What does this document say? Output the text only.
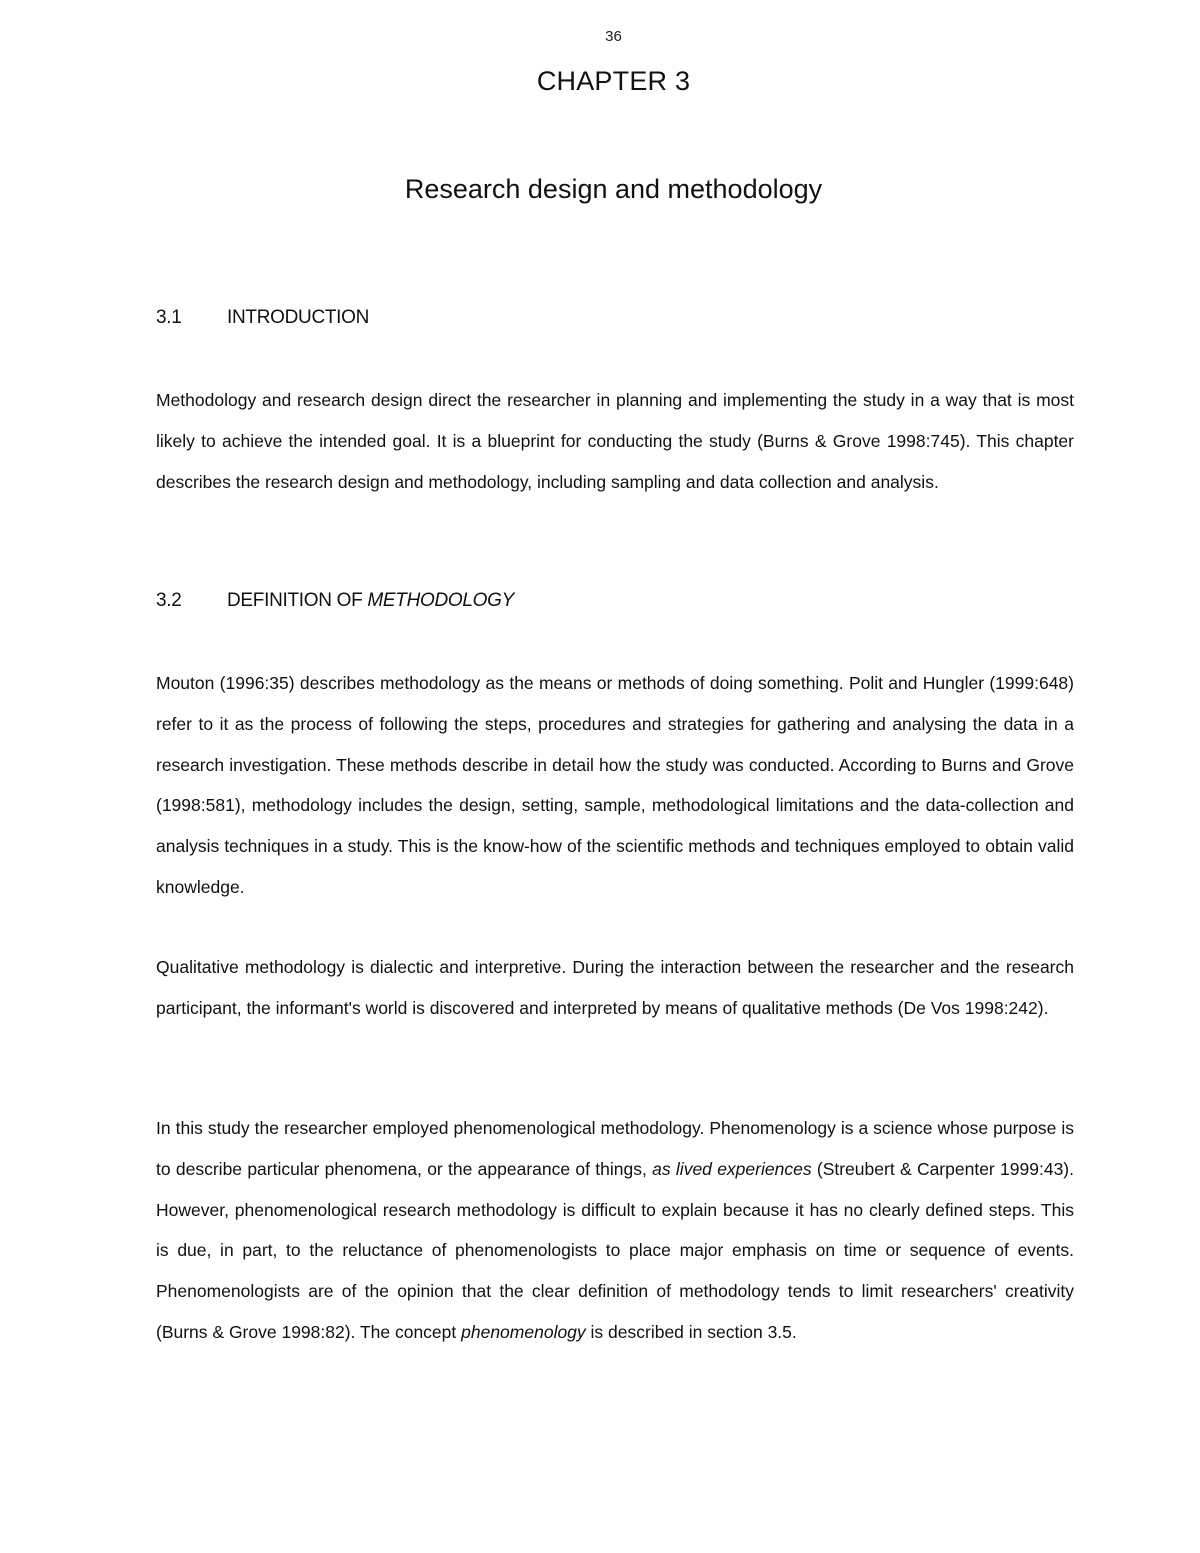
36
CHAPTER 3
Research design and methodology
3.1 INTRODUCTION
Methodology and research design direct the researcher in planning and implementing the study in a way that is most likely to achieve the intended goal. It is a blueprint for conducting the study (Burns & Grove 1998:745). This chapter describes the research design and methodology, including sampling and data collection and analysis.
3.2 DEFINITION OF METHODOLOGY
Mouton (1996:35) describes methodology as the means or methods of doing something. Polit and Hungler (1999:648) refer to it as the process of following the steps, procedures and strategies for gathering and analysing the data in a research investigation. These methods describe in detail how the study was conducted. According to Burns and Grove (1998:581), methodology includes the design, setting, sample, methodological limitations and the data-collection and analysis techniques in a study. This is the know-how of the scientific methods and techniques employed to obtain valid knowledge.
Qualitative methodology is dialectic and interpretive. During the interaction between the researcher and the research participant, the informant's world is discovered and interpreted by means of qualitative methods (De Vos 1998:242).
In this study the researcher employed phenomenological methodology. Phenomenology is a science whose purpose is to describe particular phenomena, or the appearance of things, as lived experiences (Streubert & Carpenter 1999:43). However, phenomenological research methodology is difficult to explain because it has no clearly defined steps. This is due, in part, to the reluctance of phenomenologists to place major emphasis on time or sequence of events. Phenomenologists are of the opinion that the clear definition of methodology tends to limit researchers' creativity (Burns & Grove 1998:82). The concept phenomenology is described in section 3.5.
